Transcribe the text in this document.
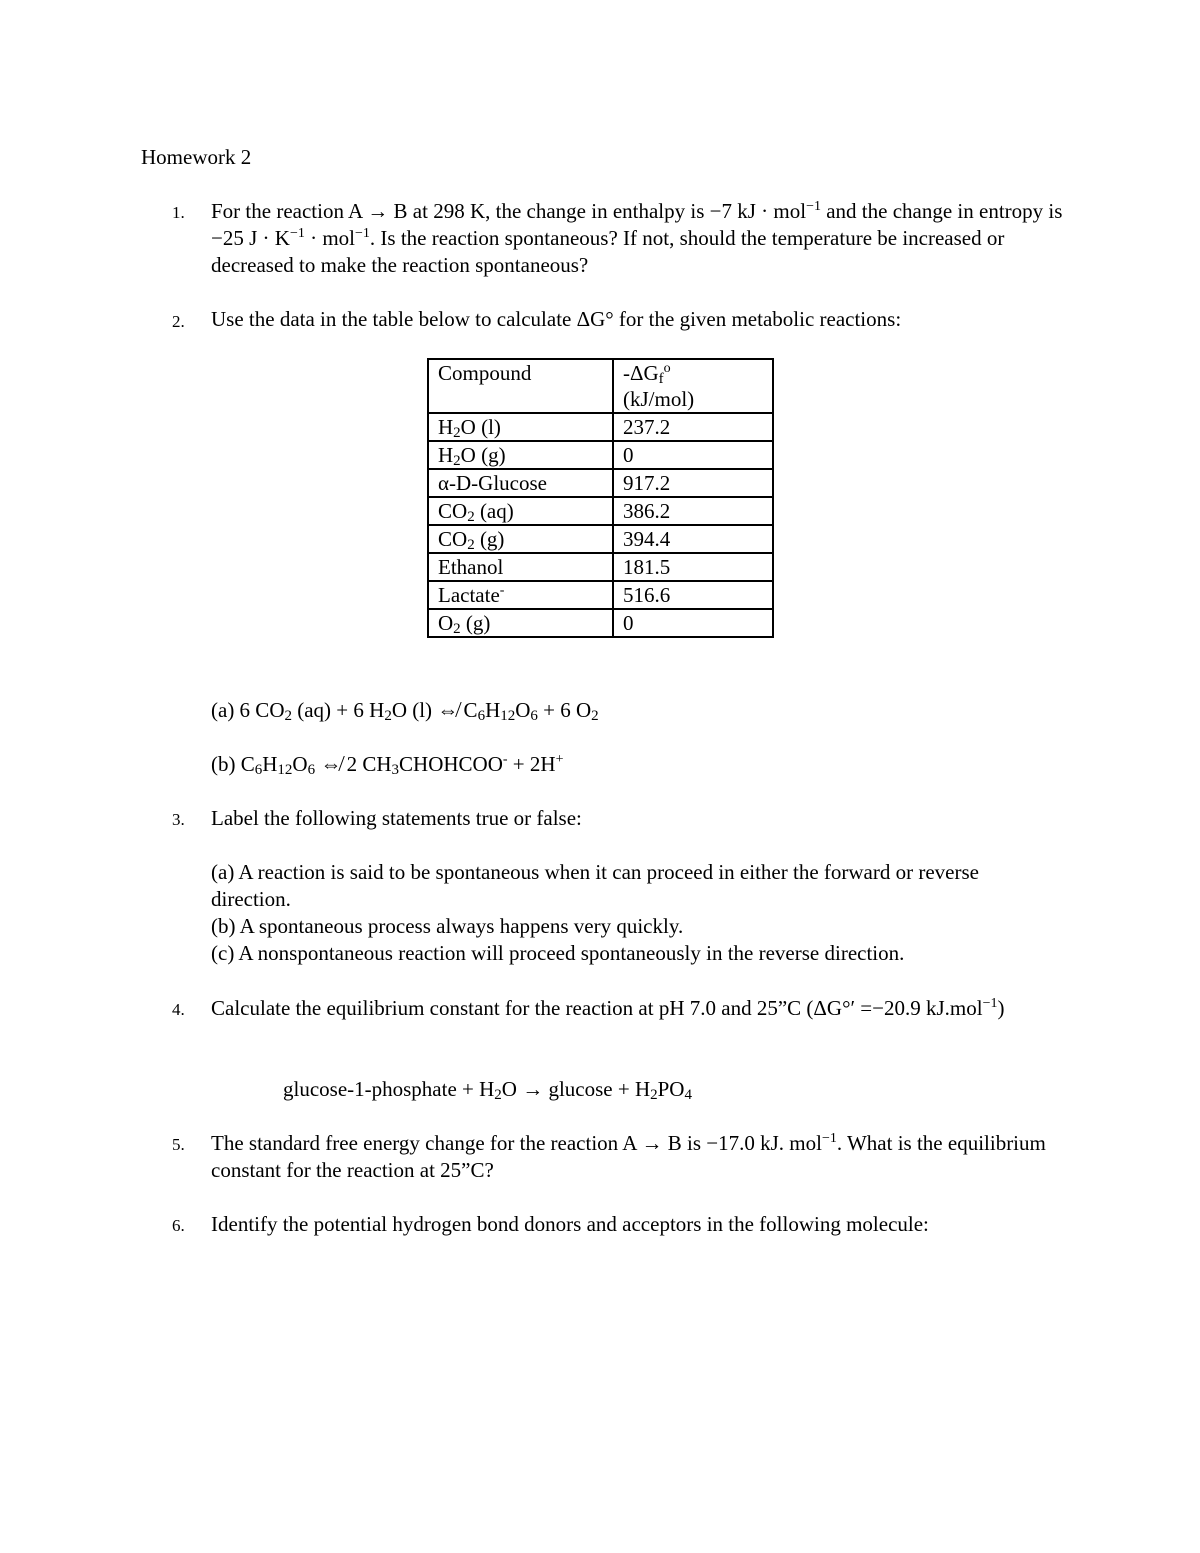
Homework 2
1. For the reaction A → B at 298 K, the change in enthalpy is −7 kJ · mol$^{-1}$ and the change in entropy is −25 $J \cdot K^{-1} \cdot mol^{-1}$. Is the reaction spontaneous? If not, should the temperature be increased or decreased to make the reaction spontaneous?
2. Use the data in the table below to calculate ΔG° for the given metabolic reactions:
Compound	$-\Delta G_f^o$
(kJ/mol)
$H_2O$ (l)	237.2
$H_2O$ (g)	0
α-D-Glucose	917.2
$CO_2$ (aq)	386.2
$CO_2$ (g)	394.4
Ethanol	181.5
Lactate-	516.6
$O_2$ (g)	0
(a) 6 $CO_2$ (aq) + 6 $H_2O$ (l) ⇎ $C_6H_{12}O_6 + 6$ $O_2$
(b) $C_6H_{12}O_6$ ⇎ 2 $CH_3CHOHCOO^- + 2H^+$
3. Label the following statements true or false:
(a) A reaction is said to be spontaneous when it can proceed in either the forward or reverse direction.
(b) A spontaneous process always happens very quickly.
(c) A nonspontaneous reaction will proceed spontaneously in the reverse direction.
4. Calculate the equilibrium constant for the reaction at pH 7.0 and 25”C (ΔG°′ =−20.9 kJ.mol$^{-1}$)
glucose-1-phosphate + $H_2O \to glucose + H_2PO_4$
5. The standard free energy change for the reaction A → B is −17.0 kJ. mol$^{-1}$. What is the equilibrium constant for the reaction at 25”C?
6. Identify the potential hydrogen bond donors and acceptors in the following molecule:
